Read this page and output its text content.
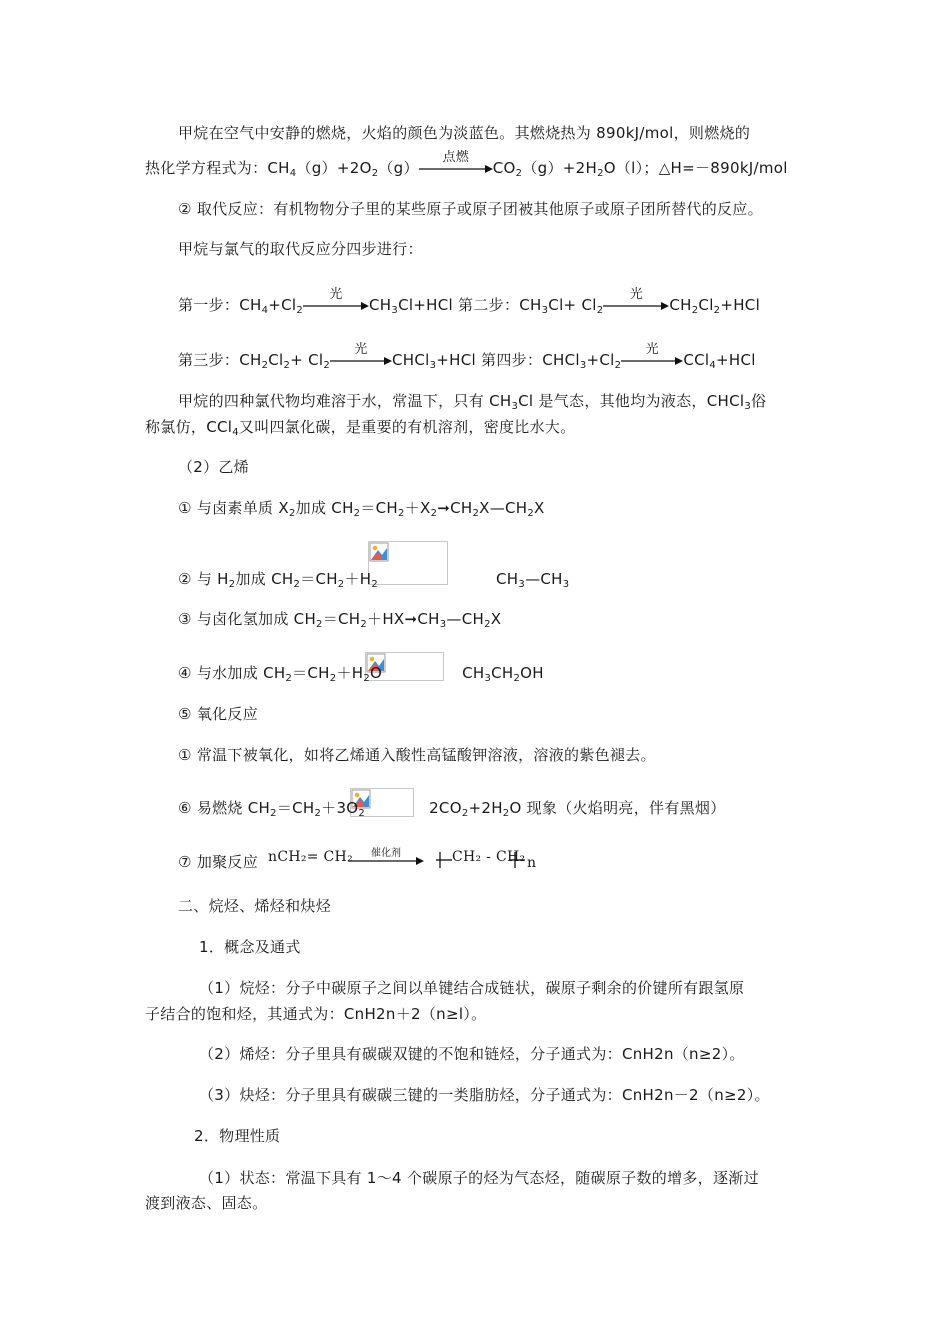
甲烷在空气中安静的燃烧，火焰的颜色为淡蓝色。其燃烧热为 890kJ/mol，则燃烧的
热化学方程式为：$CH_4(g)+2O_2(g)$
点燃
$CO_2(g)+2H_2O(l)$；△H=－890kJ/mol
② 取代反应：有机物物分子里的某些原子或原子团被其他原子或原子团所替代的反应。
甲烷与氯气的取代反应分四步进行：
第一步：$CH_4+Cl_2$
光
$CH_3Cl+HCl$ 第二步：$CH_3Cl+ Cl_2$
光
$CH_2Cl_2+HCl$
第三步：$CH_2Cl_2+ Cl_2$
光
CHCl$_3$+HCl 第四步：$CHCl_3+Cl_2$
光
CCl$_4$+HCl
甲烷的四种氯代物均难溶于水，常温下，只有 $CH_3Cl$ 是气态，其他均为液态，CHCl$_3$俗
称氯仿，CCl$_4$又叫四氯化碳，是重要的有机溶剂，密度比水大。
（2）乙烯
① 与卤素单质 $X_2$加成 $CH_2=CH_2+X_2➞CH_2X—CH_2X$
② 与 $H_2$加成 $CH_2=CH_2+H_2$	$CH_3—CH_3$
③ 与卤化氢加成 $CH_2=CH_2+HX➞CH_3—CH_2X$
④ 与水加成 $CH_2=CH_2+H_2O$	$CH_3CH_2OH$
⑤ 氧化反应
① 常温下被氧化，如将乙烯通入酸性高锰酸钾溶液，溶液的紫色褪去。
⑥ 易燃烧 $CH_2=CH_2+3O_2$	$2CO_2+2H_2O$ 现象（火焰明亮，伴有黑烟）
⑦ 加聚反应 nCH₂= CH₂	催化剂	CH₂ - CH₂ n
二、烷烃、烯烃和炔烃
1．概念及通式
（1）烷烃：分子中碳原子之间以单键结合成链状，碳原子剩余的价键所有跟氢原
子结合的饱和烃，其通式为：CnH2n＋2（n≥l）。
（2）烯烃：分子里具有碳碳双键的不饱和链烃，分子通式为：CnH2n（n≥2）。
（3）炔烃：分子里具有碳碳三键的一类脂肪烃，分子通式为：CnH2n－2（n≥2）。
2．物理性质
（1）状态：常温下具有 1～4 个碳原子的烃为气态烃，随碳原子数的增多，逐渐过
渡到液态、固态。
